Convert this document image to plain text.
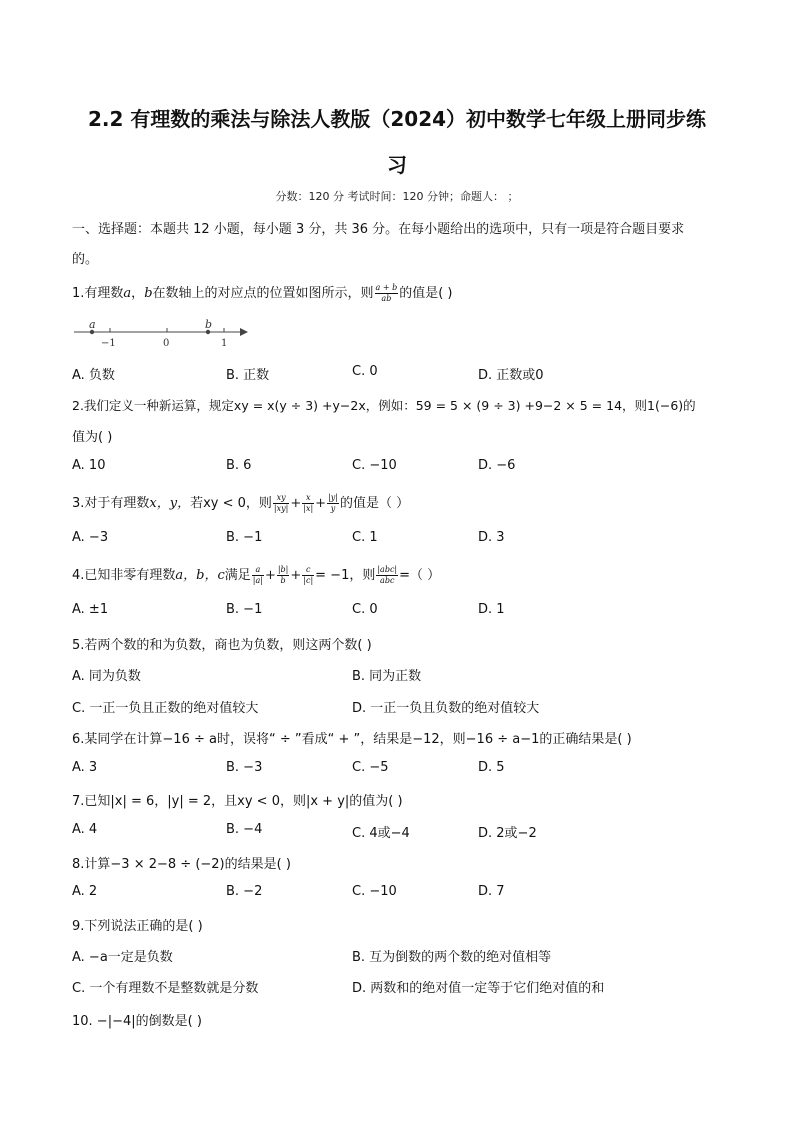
2.2 有理数的乘法与除法人教版（2024）初中数学七年级上册同步练
习
分数：120 分 考试时间：120 分钟；命题人： ；
一、选择题：本题共 12 小题，每小题 3 分，共 36 分。在每小题给出的选项中，只有一项是符合题目要求
的。
1.有理数a，b在数轴上的对应点的位置如图所示，则 $\frac{a + b}{ab}$ 的值是( )
a	b
−1	0	1
A. 负数	B. 正数	C. 0	D. 正数或0
2.我们定义一种新运算，规定xy = x(y ÷ 3) +y−2x，例如：59 = 5 × (9 ÷ 3) +9−2 × 5 = 14，则1(−6)的
值为( )
A. 10	B. 6	C. −10	D. −6
3.对于有理数x，y，若xy < 0，则 $\frac{xy}{|xy|} + \frac{x}{|x|} + \frac{|y|}{y}$ 的值是（ ）
A. −3	B. −1	C. 1	D. 3
4.已知非零有理数a，b，c满足 $\frac{a}{|a|} + \frac{|b|}{b} + \frac{c}{|c|} = -1$，则 $\frac{\text{|abc|}}{\text{abc}}$ =（ ）
A. ±1	B. −1	C. 0	D. 1
5.若两个数的和为负数，商也为负数，则这两个数( )
A. 同为负数	B. 同为正数
C. 一正一负且正数的绝对值较大	D. 一正一负且负数的绝对值较大
6.某同学在计算−16 ÷ a时，误将“ ÷ ”看成“ + ”，结果是−12，则−16 ÷ a−1的正确结果是( )
A. 3	B. −3	C. −5	D. 5
7.已知|x| = 6，|y| = 2，且xy < 0，则|x + y|的值为( )
A. 4	B. −4	C. 4或−4	D. 2或−2
8.计算−3 × 2−8 ÷ (−2)的结果是( )
A. 2	B. −2	C. −10	D. 7
9.下列说法正确的是( )
A. −a一定是负数	B. 互为倒数的两个数的绝对值相等
C. 一个有理数不是整数就是分数	D. 两数和的绝对值一定等于它们绝对值的和
10. −|−4|的倒数是( )
